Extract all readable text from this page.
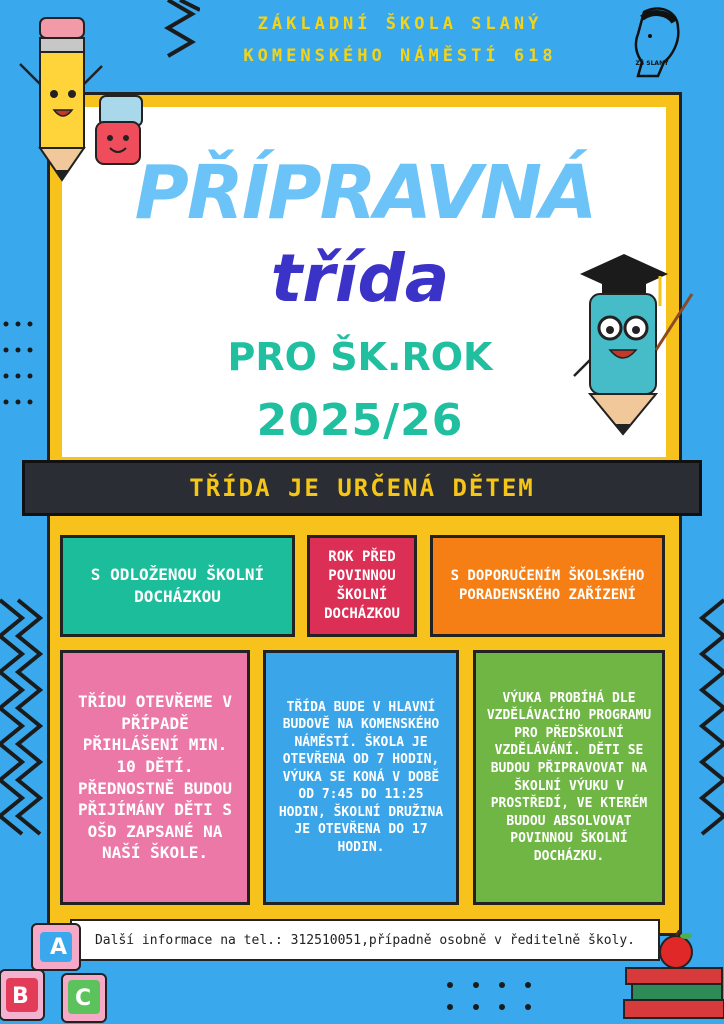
ZÁKLADNÍ ŠKOLA SLANÝ
KOMENSKÉHO NÁMĚSTÍ 618	ZŠ SLANÝ
PŘÍPRAVNÁ
třída
PRO ŠK.ROK
2025/26
TŘÍDA JE URČENÁ DĚTEM
S ODLOŽENOU ŠKOLNÍ DOCHÁZKOU
ROK PŘED POVINNOU ŠKOLNÍ DOCHÁZKOU
S DOPORUČENÍM ŠKOLSKÉHO PORADENSKÉHO ZAŘÍZENÍ
TŘÍDU OTEVŘEME V PŘÍPADĚ PŘIHLÁŠENÍ MIN. 10 DĚTÍ. PŘEDNOSTNĚ BUDOU PŘIJÍMÁNY DĚTI S OŠD ZAPSANÉ NA NAŠÍ ŠKOLE.
TŘÍDA BUDE V HLAVNÍ BUDOVĚ NA KOMENSKÉHO NÁMĚSTÍ. ŠKOLA JE OTEVŘENA OD 7 HODIN, VÝUKA SE KONÁ V DOBĚ OD 7:45 DO 11:25 HODIN, ŠKOLNÍ DRUŽINA JE OTEVŘENA DO 17 HODIN.
VÝUKA PROBÍHÁ DLE VZDĚLÁVACÍHO PROGRAMU PRO PŘEDŠKOLNÍ VZDĚLÁVÁNÍ. DĚTI SE BUDOU PŘIPRAVOVAT NA ŠKOLNÍ VÝUKU V PROSTŘEDÍ, VE KTERÉM BUDOU ABSOLVOVAT POVINNOU ŠKOLNÍ DOCHÁZKU.
Další informace na tel.: 312510051,případně osobně v ředitelně školy.
A
B C
